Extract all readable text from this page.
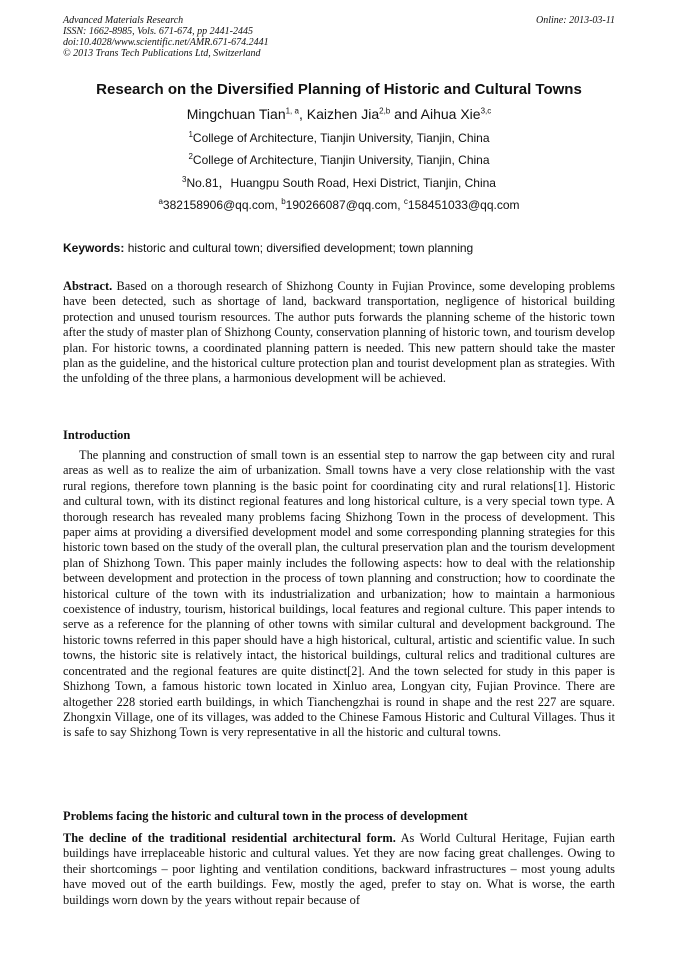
Advanced Materials Research
ISSN: 1662-8985, Vols. 671-674, pp 2441-2445
doi:10.4028/www.scientific.net/AMR.671-674.2441
© 2013 Trans Tech Publications Ltd, Switzerland
Online: 2013-03-11
Research on the Diversified Planning of Historic and Cultural Towns
Mingchuan Tian$^{1, a}$, Kaizhen Jia$^{2,b}$ and Aihua Xie$^{3,c}$
$^1$College of Architecture, Tianjin University, Tianjin, China
$^2$College of Architecture, Tianjin University, Tianjin, China
$^3$No.81，Huangpu South Road, Hexi District, Tianjin, China
$^a$382158906@qq.com, $^b$190266087@qq.com, $^c$158451033@qq.com
Keywords: historic and cultural town; diversified development; town planning
Abstract. Based on a thorough research of Shizhong County in Fujian Province, some developing problems have been detected, such as shortage of land, backward transportation, negligence of historical building protection and unused tourism resources. The author puts forwards the planning scheme of the historic town after the study of master plan of Shizhong County, conservation planning of historic town, and tourism develop plan. For historic towns, a coordinated planning pattern is needed. This new pattern should take the master plan as the guideline, and the historical culture protection plan and tourist development plan as strategies. With the unfolding of the three plans, a harmonious development will be achieved.
Introduction
The planning and construction of small town is an essential step to narrow the gap between city and rural areas as well as to realize the aim of urbanization. Small towns have a very close relationship with the vast rural regions, therefore town planning is the basic point for coordinating city and rural relations[1]. Historic and cultural town, with its distinct regional features and long historical culture, is a very special town type. A thorough research has revealed many problems facing Shizhong Town in the process of development. This paper aims at providing a diversified development model and some corresponding planning strategies for this historic town based on the study of the overall plan, the cultural preservation plan and the tourism development plan of Shizhong Town. This paper mainly includes the following aspects: how to deal with the relationship between development and protection in the process of town planning and construction; how to coordinate the historical culture of the town with its industrialization and urbanization; how to maintain a harmonious coexistence of industry, tourism, historical buildings, local features and regional culture. This paper intends to serve as a reference for the planning of other towns with similar cultural and development background. The historic towns referred in this paper should have a high historical, cultural, artistic and scientific value. In such towns, the historic site is relatively intact, the historical buildings, cultural relics and traditional cultures are concentrated and the regional features are quite distinct[2]. And the town selected for study in this paper is Shizhong Town, a famous historic town located in Xinluo area, Longyan city, Fujian Province. There are altogether 228 storied earth buildings, in which Tianchengzhai is round in shape and the rest 227 are square. Zhongxin Village, one of its villages, was added to the Chinese Famous Historic and Cultural Villages. Thus it is safe to say Shizhong Town is very representative in all the historic and cultural towns.
Problems facing the historic and cultural town in the process of development
The decline of the traditional residential architectural form. As World Cultural Heritage, Fujian earth buildings have irreplaceable historic and cultural values. Yet they are now facing great challenges. Owing to their shortcomings – poor lighting and ventilation conditions, backward infrastructures – most young adults have moved out of the earth buildings. Few, mostly the aged, prefer to stay on. What is worse, the earth buildings worn down by the years without repair because of
